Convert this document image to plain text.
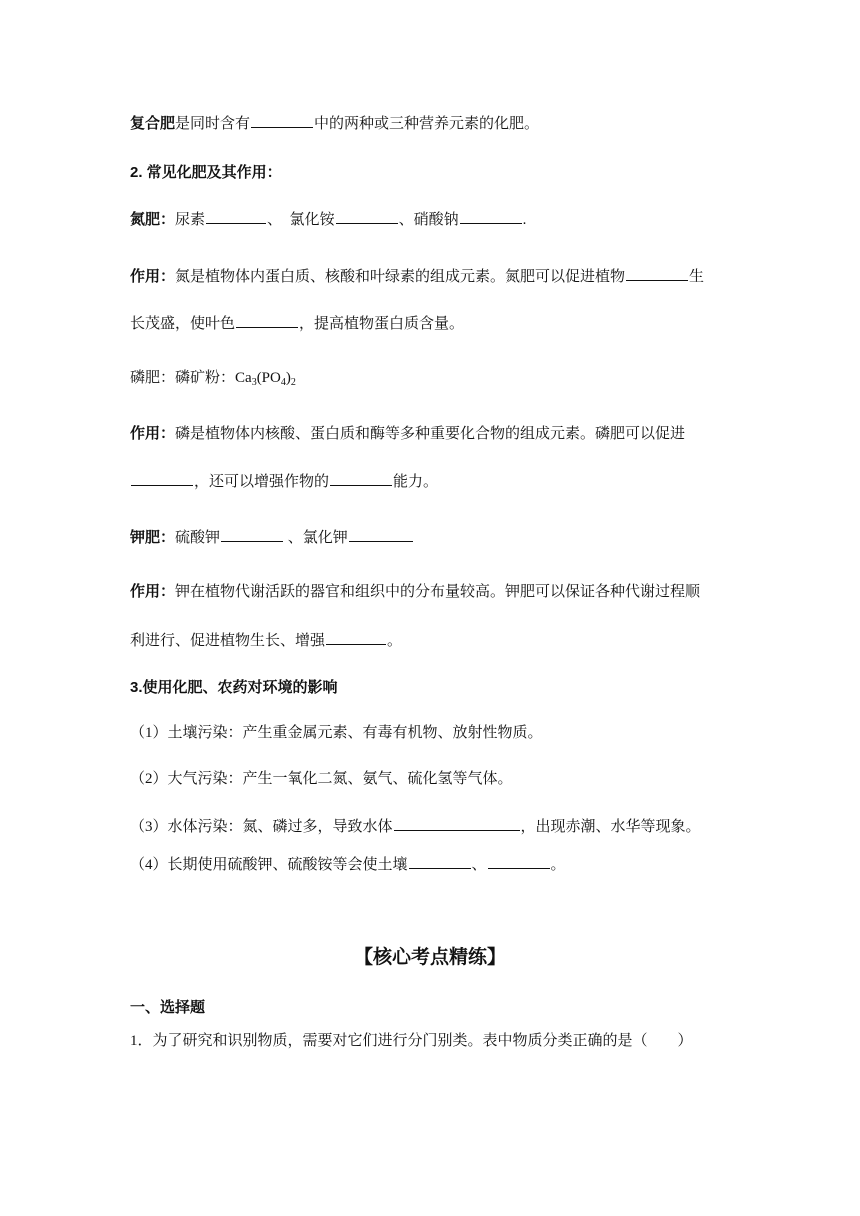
复合肥是同时含有	中的两种或三种营养元素的化肥。
2. 常见化肥及其作用：
氮肥：尿素	、 氯化铵	、硝酸钠	.
作用：氮是植物体内蛋白质、核酸和叶绿素的组成元素。氮肥可以促进植物	生
长茂盛，使叶色	，提高植物蛋白质含量。
磷肥：磷矿粉：$Ca_3(PO_4)_2$
作用：磷是植物体内核酸、蛋白质和酶等多种重要化合物的组成元素。磷肥可以促进
，还可以增强作物的	能力。
钾肥：硫酸钾	、氯化钾
作用：钾在植物代谢活跃的器官和组织中的分布量较高。钾肥可以保证各种代谢过程顺
利进行、促进植物生长、增强	。
3.使用化肥、农药对环境的影响
（1）土壤污染：产生重金属元素、有毒有机物、放射性物质。
（2）大气污染：产生一氧化二氮、氨气、硫化氢等气体。
（3）水体污染：氮、磷过多，导致水体	，出现赤潮、水华等现象。
（4）长期使用硫酸钾、硫酸铵等会使土壤	、	。
【核心考点精练】
一、选择题
1．为了研究和识别物质，需要对它们进行分门别类。表中物质分类正确的是（　　）
